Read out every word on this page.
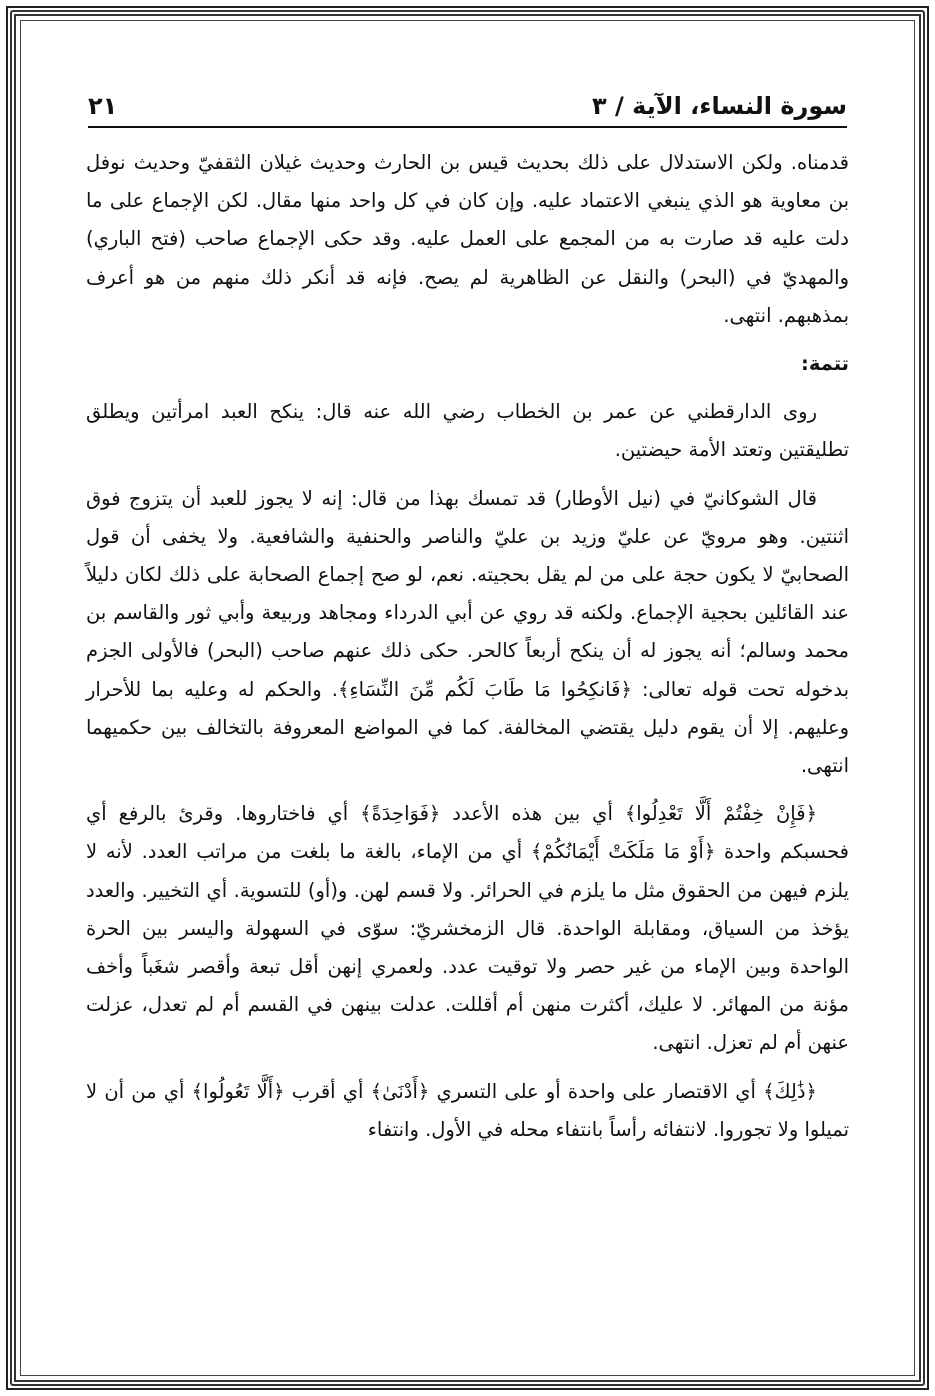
سورة النساء، الآية / ٣
٢١

قدمناه. ولكن الاستدلال على ذلك بحديث قيس بن الحارث وحديث غيلان الثقفيّ وحديث نوفل بن معاوية هو الذي ينبغي الاعتماد عليه. وإن كان في كل واحد منها مقال. لكن الإجماع على ما دلت عليه قد صارت به من المجمع على العمل عليه. وقد حكى الإجماع صاحب (فتح الباري) والمهديّ في (البحر) والنقل عن الظاهرية لم يصح. فإنه قد أنكر ذلك منهم من هو أعرف بمذهبهم. انتهى.

تتمة:

روى الدارقطني عن عمر بن الخطاب رضي الله عنه قال: ينكح العبد امرأتين ويطلق تطليقتين وتعتد الأمة حيضتين.

قال الشوكانيّ في (نيل الأوطار) قد تمسك بهذا من قال: إنه لا يجوز للعبد أن يتزوج فوق اثنتين. وهو مرويّ عن عليّ وزيد بن عليّ والناصر والحنفية والشافعية. ولا يخفى أن قول الصحابيّ لا يكون حجة على من لم يقل بحجيته. نعم، لو صح إجماع الصحابة على ذلك لكان دليلاً عند القائلين بحجية الإجماع. ولكنه قد روي عن أبي الدرداء ومجاهد وربيعة وأبي ثور والقاسم بن محمد وسالم؛ أنه يجوز له أن ينكح أربعاً كالحر. حكى ذلك عنهم صاحب (البحر) فالأولى الجزم بدخوله تحت قوله تعالى: ﴿فَانكِحُوا مَا طَابَ لَكُم مِّنَ النِّسَاءِ﴾. والحكم له وعليه بما للأحرار وعليهم. إلا أن يقوم دليل يقتضي المخالفة. كما في المواضع المعروفة بالتخالف بين حكميهما انتهى.

﴿فَإِنْ خِفْتُمْ أَلَّا تَعْدِلُوا﴾ أي بين هذه الأعدد ﴿فَوَاحِدَةً﴾ أي فاختاروها. وقرئ بالرفع أي فحسبكم واحدة ﴿أَوْ مَا مَلَكَتْ أَيْمَانُكُمْ﴾ أي من الإماء، بالغة ما بلغت من مراتب العدد. لأنه لا يلزم فيهن من الحقوق مثل ما يلزم في الحرائر. ولا قسم لهن. و(أو) للتسوية. أي التخيير. والعدد يؤخذ من السياق، ومقابلة الواحدة. قال الزمخشريّ: سوّى في السهولة واليسر بين الحرة الواحدة وبين الإماء من غير حصر ولا توقيت عدد. ولعمري إنهن أقل تبعة وأقصر شغَباً وأخف مؤنة من المهائر. لا عليك، أكثرت منهن أم أقللت. عدلت بينهن في القسم أم لم تعدل، عزلت عنهن أم لم تعزل. انتهى.

﴿ذَٰلِكَ﴾ أي الاقتصار على واحدة أو على التسري ﴿أَدْنَىٰ﴾ أي أقرب ﴿أَلَّا تَعُولُوا﴾ أي من أن لا تميلوا ولا تجوروا. لانتفائه رأساً بانتفاء محله في الأول. وانتفاء
